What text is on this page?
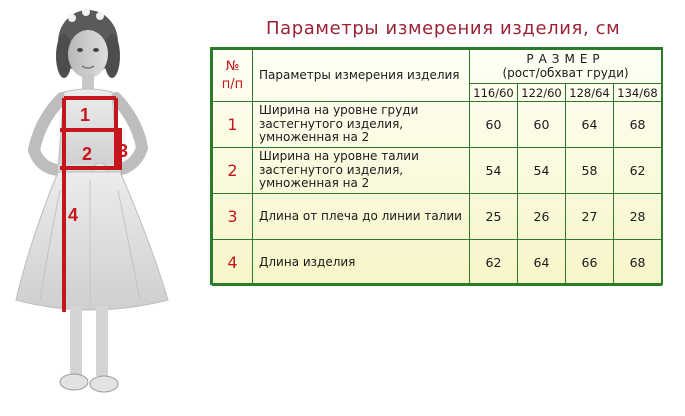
1
2 3
4
Параметры измерения изделия, см
№
п/п	Параметры измерения изделия	РАЗМЕР
(рост/обхват груди)			
		116/60	122/60	128/64	134/68
1	Ширина на уровне груди застегнутого изделия, умноженная на 2	60	60	64	68
2	Ширина на уровне талии застегнутого изделия, умноженная на 2	54	54	58	62
3	Длина от плеча до линии талии	25	26	27	28
4	Длина изделия	62	64	66	68
